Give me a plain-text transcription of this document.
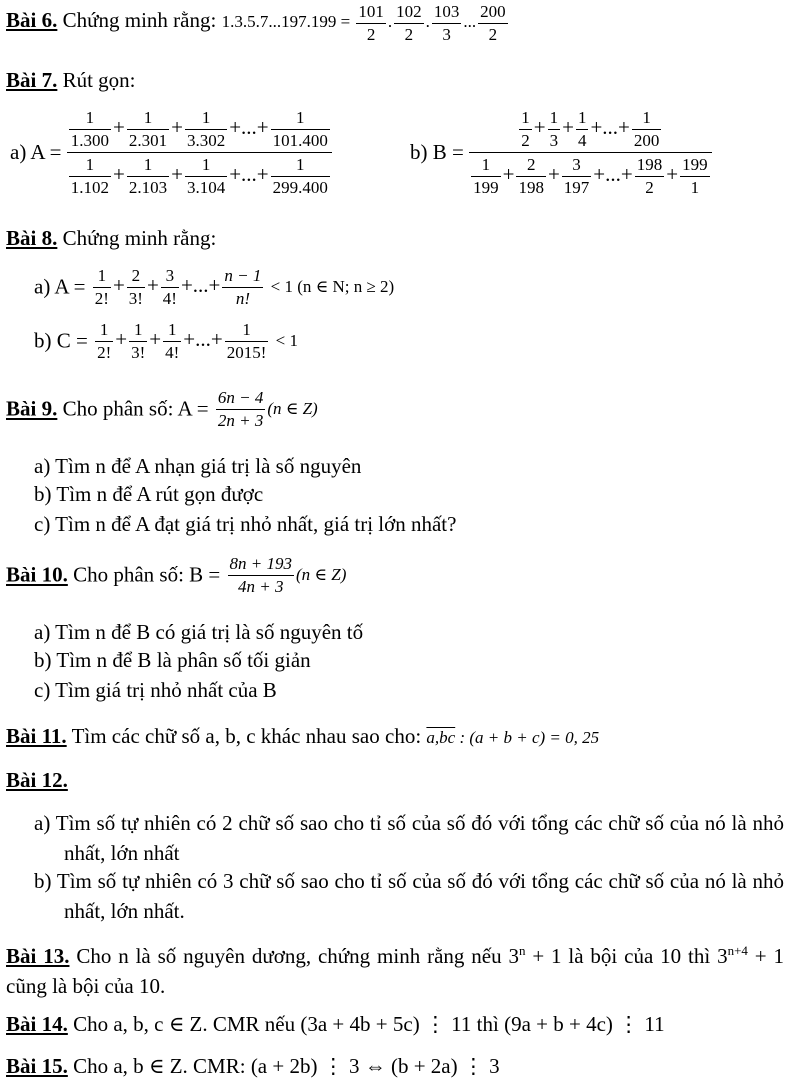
Bài 6. Chứng minh rằng: $1.3.5.7...197.199 = \frac{101}{2}$ . $\frac{102}{2}$ . $\frac{103}{3}$ ... $\frac{200}{2}$
Bài 7. Rút gọn:
a) $A = \frac{\frac{1}{1.300} + \frac{1}{2.301} + \frac{1}{3.302} +...+ \frac{1}{101.400}}{\frac{1}{1.102} + \frac{1}{2.103} + \frac{1}{3.104} +...+ \frac{1}{299.400}}$	b) $B = \frac{\frac{1}{2} + \frac{1}{3} + \frac{1}{4} +...+ \frac{1}{200}}{\frac{1}{199} + \frac{2}{198} + \frac{3}{197} +...+ \frac{198}{2} + \frac{199}{1}}$
Bài 8. Chứng minh rằng:
a) $A = \frac{1}{2!} + \frac{2}{3!} + \frac{3}{4!}$ +...+ $\frac{n - 1}{n!} < 1$ (n ∈ N; n ≥ 2)
b) $C = \frac{1}{2!} + \frac{1}{3!} + \frac{1}{4!}$ +...+ $\frac{1}{2015!} < 1$
Bài 9. Cho phân số: $A = \frac{6n - 4}{2n + 3} (n$ ∈ Z)
a) Tìm n để A nhạn giá trị là số nguyên
b) Tìm n để A rút gọn được
c) Tìm n để A đạt giá trị nhỏ nhất, giá trị lớn nhất?
Bài 10. Cho phân số: $B = \frac{8n + 193}{4n + 3} (n$ ∈ Z)
a) Tìm n để B có giá trị là số nguyên tố
b) Tìm n để B là phân số tối giản
c) Tìm giá trị nhỏ nhất của B
Bài 11. Tìm các chữ số a, b, c khác nhau sao cho: a,bc : (a + b + c) = 0, 25
Bài 12.
a) Tìm số tự nhiên có 2 chữ số sao cho tỉ số của số đó với tổng các chữ số của nó là nhỏ nhất, lớn nhất
b) Tìm số tự nhiên có 3 chữ số sao cho tỉ số của số đó với tổng các chữ số của nó là nhỏ nhất, lớn nhất.
Bài 13. Cho n là số nguyên dương, chứng minh rằng nếu $3^n + 1$ là bội của 10 thì $3^{n+4} + 1$ cũng là bội của 10.
Bài 14. Cho a, b, c ∈ Z. CMR nếu (3a + 4b + 5c) ⋮ 11 thì (9a + b + 4c) ⋮ 11
Bài 15. Cho a, b ∈ Z. CMR: (a + 2b) ⋮ 3 ⇔ (b + 2a) ⋮ 3
